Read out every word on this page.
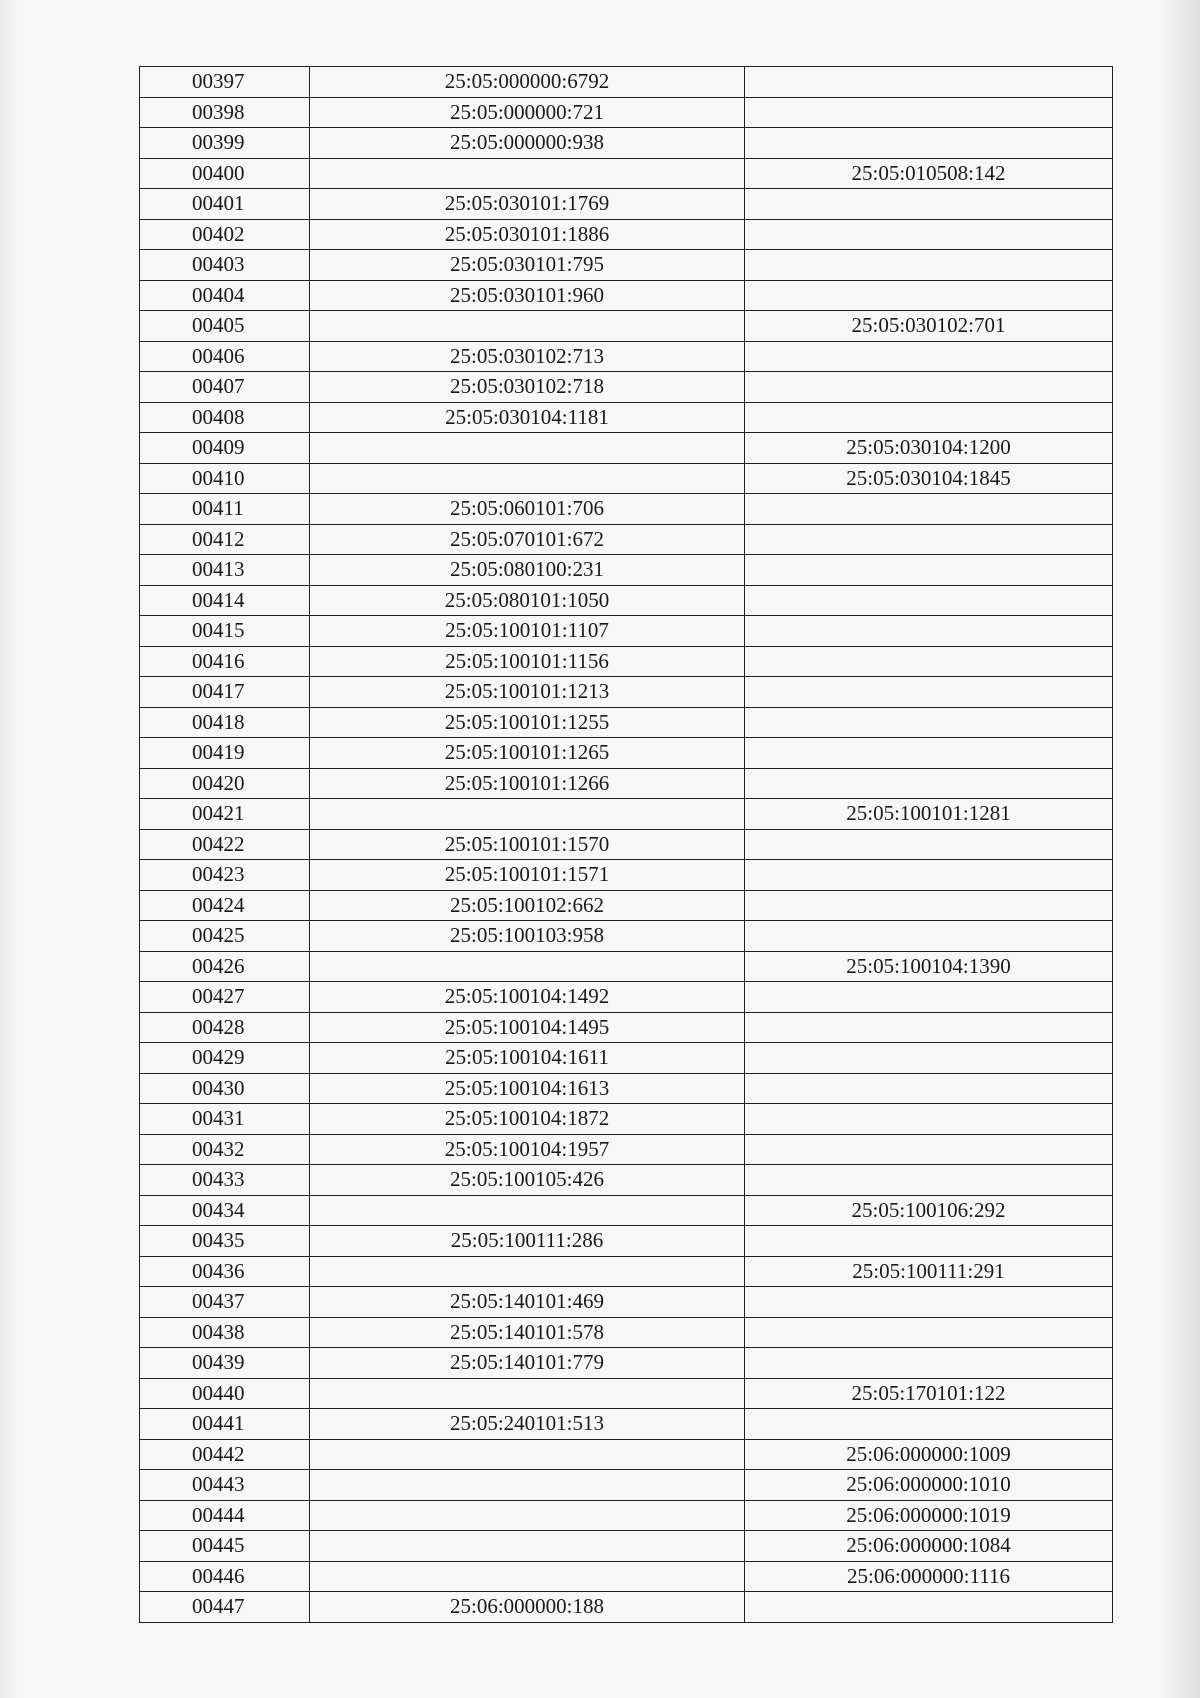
00397	25:05:000000:6792	
00398	25:05:000000:721	
00399	25:05:000000:938	
00400		25:05:010508:142
00401	25:05:030101:1769	
00402	25:05:030101:1886	
00403	25:05:030101:795	
00404	25:05:030101:960	
00405		25:05:030102:701
00406	25:05:030102:713	
00407	25:05:030102:718	
00408	25:05:030104:1181	
00409		25:05:030104:1200
00410		25:05:030104:1845
00411	25:05:060101:706	
00412	25:05:070101:672	
00413	25:05:080100:231	
00414	25:05:080101:1050	
00415	25:05:100101:1107	
00416	25:05:100101:1156	
00417	25:05:100101:1213	
00418	25:05:100101:1255	
00419	25:05:100101:1265	
00420	25:05:100101:1266	
00421		25:05:100101:1281
00422	25:05:100101:1570	
00423	25:05:100101:1571	
00424	25:05:100102:662	
00425	25:05:100103:958	
00426		25:05:100104:1390
00427	25:05:100104:1492	
00428	25:05:100104:1495	
00429	25:05:100104:1611	
00430	25:05:100104:1613	
00431	25:05:100104:1872	
00432	25:05:100104:1957	
00433	25:05:100105:426	
00434		25:05:100106:292
00435	25:05:100111:286	
00436		25:05:100111:291
00437	25:05:140101:469	
00438	25:05:140101:578	
00439	25:05:140101:779	
00440		25:05:170101:122
00441	25:05:240101:513	
00442		25:06:000000:1009
00443		25:06:000000:1010
00444		25:06:000000:1019
00445		25:06:000000:1084
00446		25:06:000000:1116
00447	25:06:000000:188	
